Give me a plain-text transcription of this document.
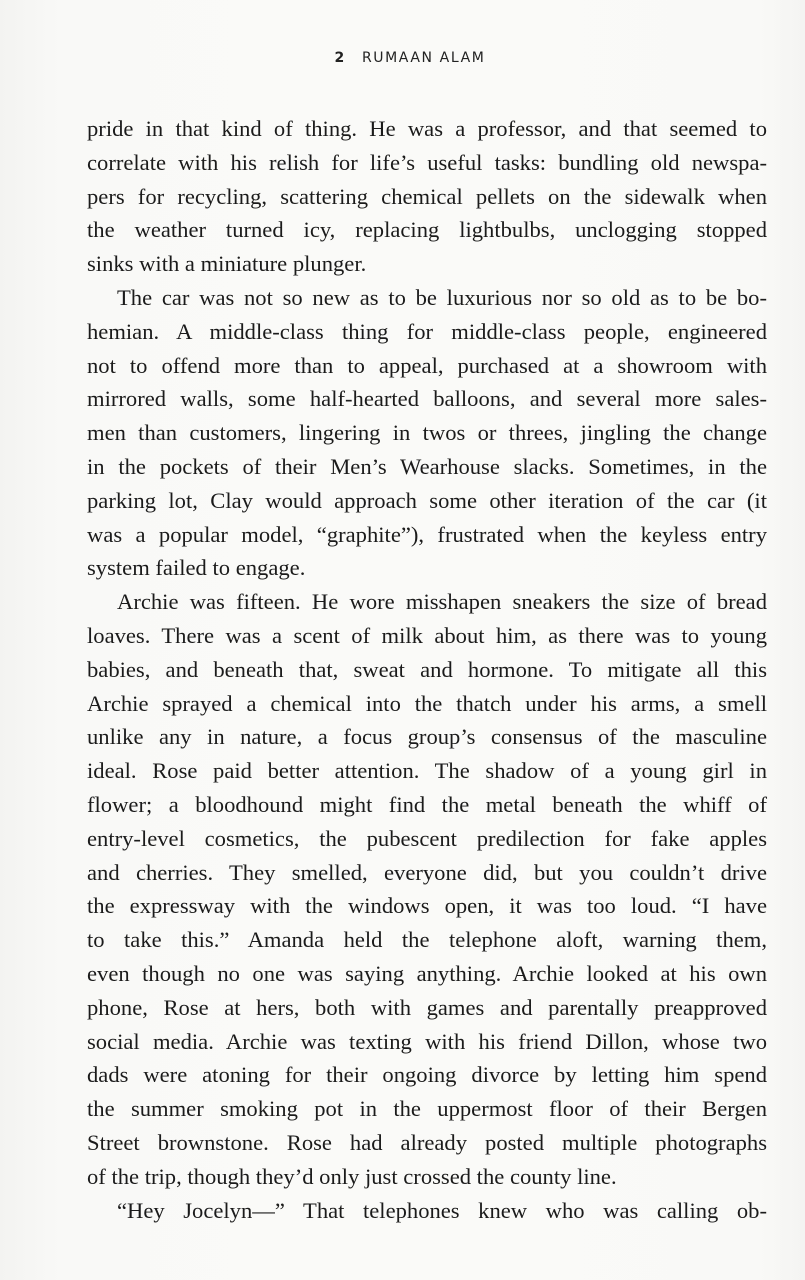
2 RUMAAN ALAM

pride in that kind of thing. He was a professor, and that seemed to
correlate with his relish for life’s useful tasks: bundling old newspa-
pers for recycling, scattering chemical pellets on the sidewalk when
the weather turned icy, replacing lightbulbs, unclogging stopped
sinks with a miniature plunger.

The car was not so new as to be luxurious nor so old as to be bo-
hemian. A middle-class thing for middle-class people, engineered
not to offend more than to appeal, purchased at a showroom with
mirrored walls, some half-hearted balloons, and several more sales-
men than customers, lingering in twos or threes, jingling the change
in the pockets of their Men’s Wearhouse slacks. Sometimes, in the
parking lot, Clay would approach some other iteration of the car (it
was a popular model, “graphite”), frustrated when the keyless entry
system failed to engage.

Archie was fifteen. He wore misshapen sneakers the size of bread
loaves. There was a scent of milk about him, as there was to young
babies, and beneath that, sweat and hormone. To mitigate all this
Archie sprayed a chemical into the thatch under his arms, a smell
unlike any in nature, a focus group’s consensus of the masculine
ideal. Rose paid better attention. The shadow of a young girl in
flower; a bloodhound might find the metal beneath the whiff of
entry-level cosmetics, the pubescent predilection for fake apples
and cherries. They smelled, everyone did, but you couldn’t drive
the expressway with the windows open, it was too loud. “I have
to take this.” Amanda held the telephone aloft, warning them,
even though no one was saying anything. Archie looked at his own
phone, Rose at hers, both with games and parentally preapproved
social media. Archie was texting with his friend Dillon, whose two
dads were atoning for their ongoing divorce by letting him spend
the summer smoking pot in the uppermost floor of their Bergen
Street brownstone. Rose had already posted multiple photographs
of the trip, though they’d only just crossed the county line.

“Hey Jocelyn—” That telephones knew who was calling ob-
